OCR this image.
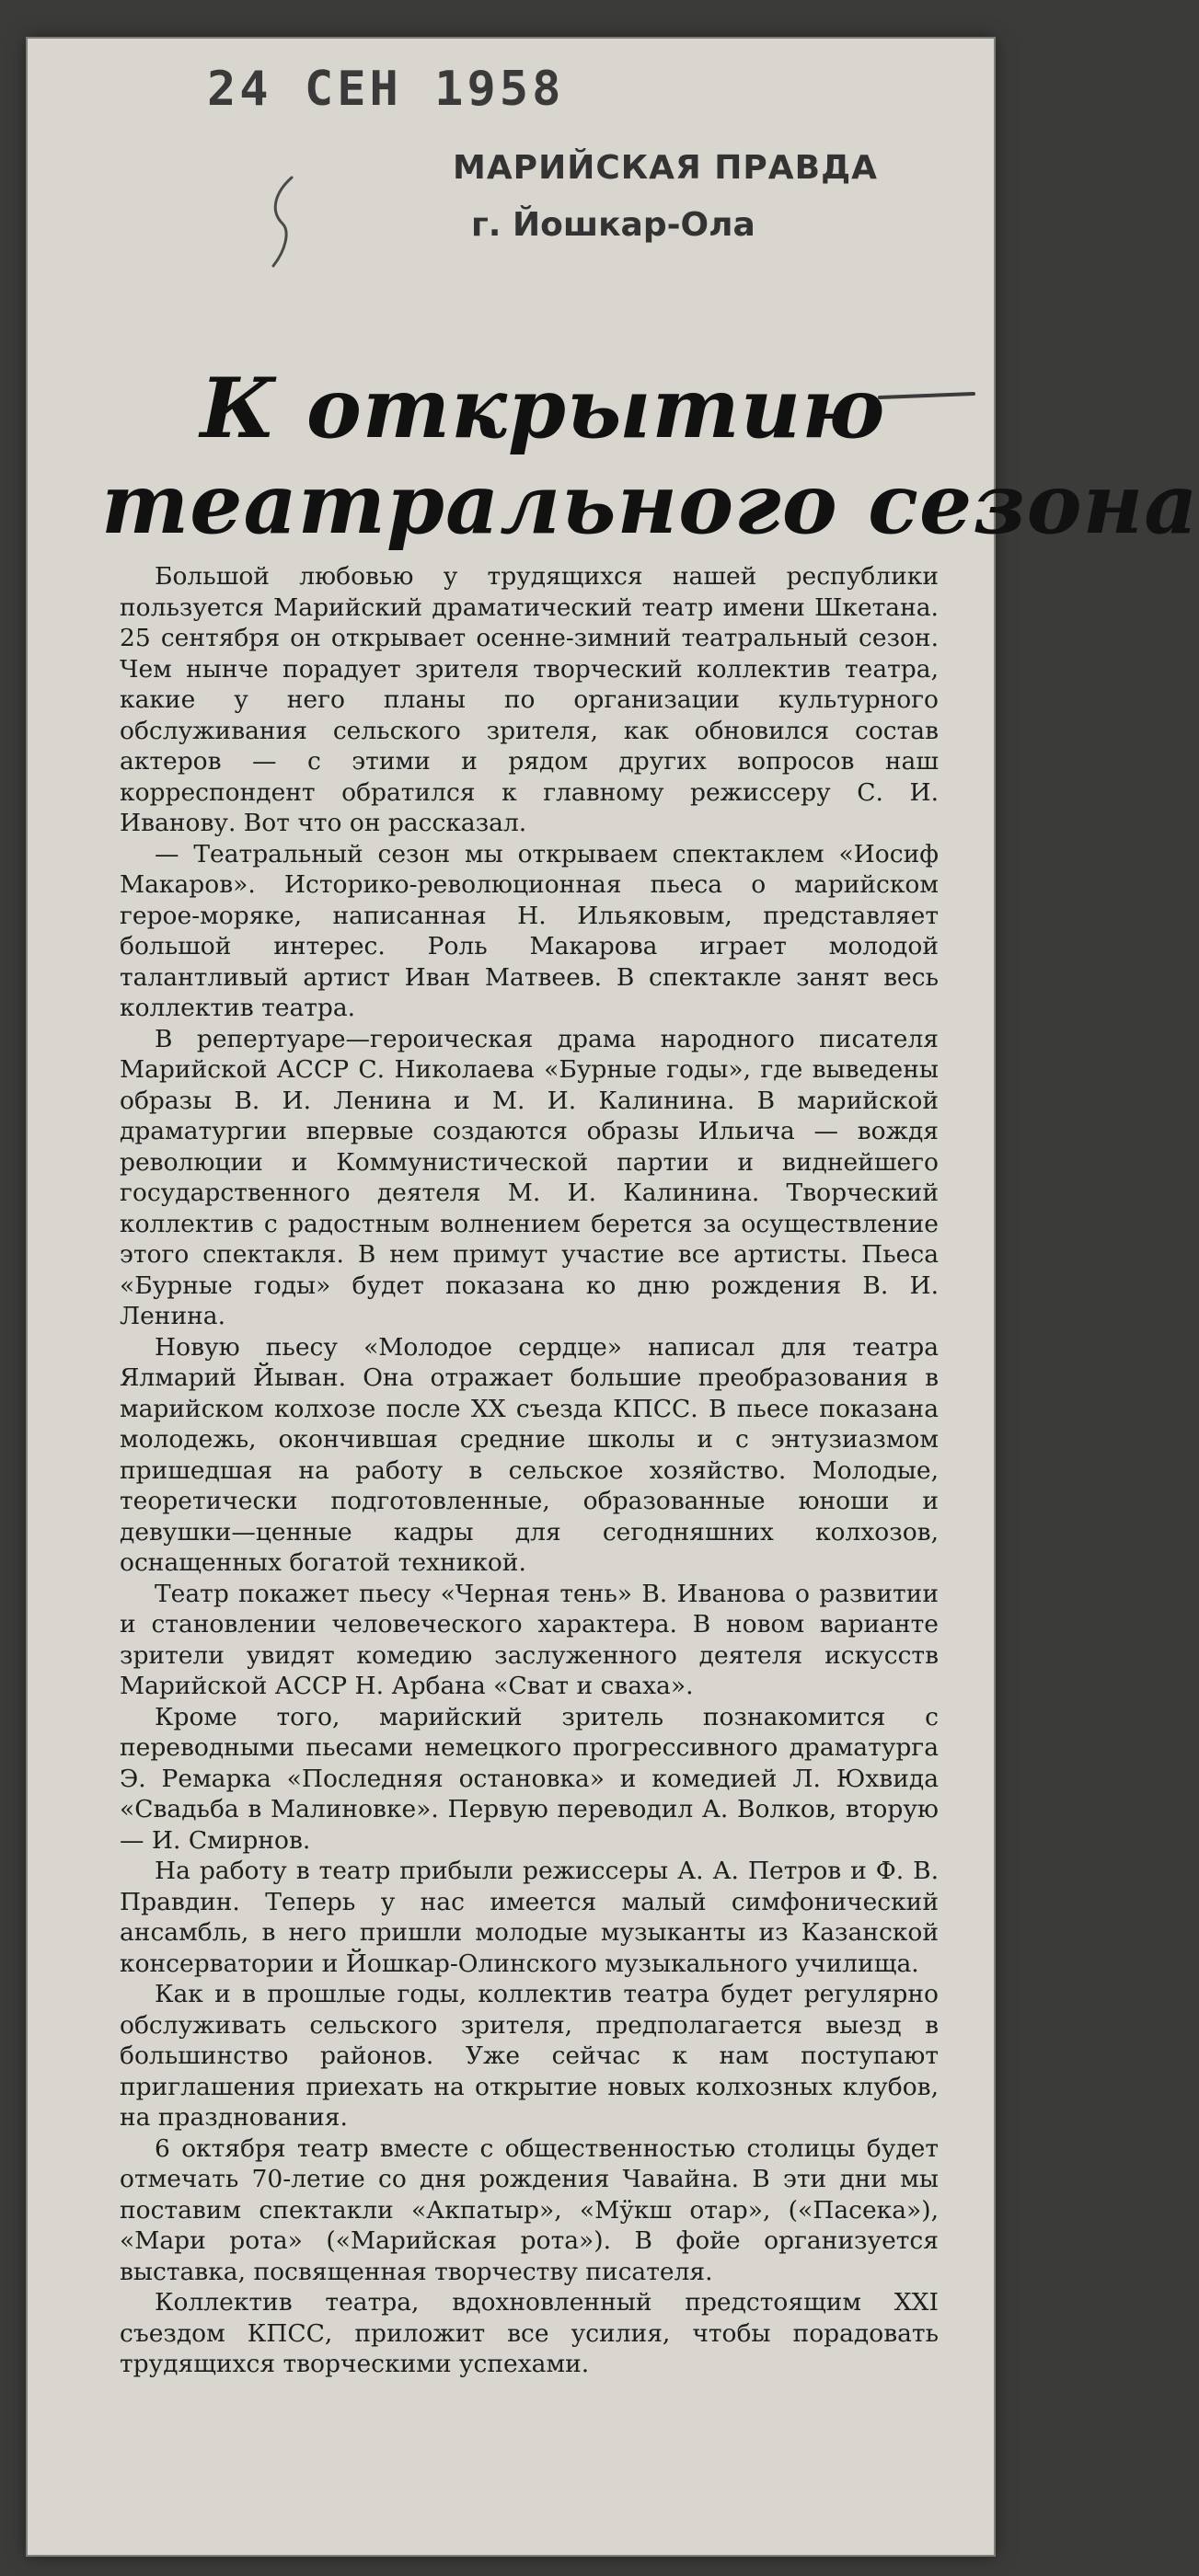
24 СЕН 1958
МАРИЙСКАЯ ПРАВДА
г. Йошкар-Ола
К открытию
театрального сезона

Большой любовью у трудящихся нашей республики пользуется Марийский драматический театр имени Шкетана. 25 сентября он открывает осенне-зимний театральный сезон. Чем нынче порадует зрителя творческий коллектив театра, какие у него планы по организации культурного обслуживания сельского зрителя, как обновился состав актеров — с этими и рядом других вопросов наш корреспондент обратился к главному режиссеру С. И. Иванову. Вот что он рассказал.

— Театральный сезон мы открываем спектаклем «Иосиф Макаров». Историко-революционная пьеса о марийском герое-моряке, написанная Н. Ильяковым, представляет большой интерес. Роль Макарова играет молодой талантливый артист Иван Матвеев. В спектакле занят весь коллектив театра.

В репертуаре—героическая драма народного писателя Марийской АССР С. Николаева «Бурные годы», где выведены образы В. И. Ленина и М. И. Калинина. В марийской драматургии впервые создаются образы Ильича — вождя революции и Коммунистической партии и виднейшего государственного деятеля М. И. Калинина. Творческий коллектив с радостным волнением берется за осуществление этого спектакля. В нем примут участие все артисты. Пьеса «Бурные годы» будет показана ко дню рождения В. И. Ленина.

Новую пьесу «Молодое сердце» написал для театра Ялмарий Йыван. Она отражает большие преобразования в марийском колхозе после XX съезда КПСС. В пьесе показана молодежь, окончившая средние школы и с энтузиазмом пришедшая на работу в сельское хозяйство. Молодые, теоретически подготовленные, образованные юноши и девушки—ценные кадры для сегодняшних колхозов, оснащенных богатой техникой.

Театр покажет пьесу «Черная тень» В. Иванова о развитии и становлении человеческого характера. В новом варианте зрители увидят комедию заслуженного деятеля искусств Марийской АССР Н. Арбана «Сват и сваха».

Кроме того, марийский зритель познакомится с переводными пьесами немецкого прогрессивного драматурга Э. Ремарка «Последняя остановка» и комедией Л. Юхвида «Свадьба в Малиновке». Первую переводил А. Волков, вторую — И. Смирнов.

На работу в театр прибыли режиссеры А. А. Петров и Ф. В. Правдин. Теперь у нас имеется малый симфонический ансамбль, в него пришли молодые музыканты из Казанской консерватории и Йошкар-Олинского музыкального училища.

Как и в прошлые годы, коллектив театра будет регулярно обслуживать сельского зрителя, предполагается выезд в большинство районов. Уже сейчас к нам поступают приглашения приехать на открытие новых колхозных клубов, на празднования.

6 октября театр вместе с общественностью столицы будет отмечать 70-летие со дня рождения Чавайна. В эти дни мы поставим спектакли «Акпатыр», «Мӱкш отар», («Пасека»), «Мари рота» («Марийская рота»). В фойе организуется выставка, посвященная творчеству писателя.

Коллектив театра, вдохновленный предстоящим XXI съездом КПСС, приложит все усилия, чтобы порадовать трудящихся творческими успехами.
